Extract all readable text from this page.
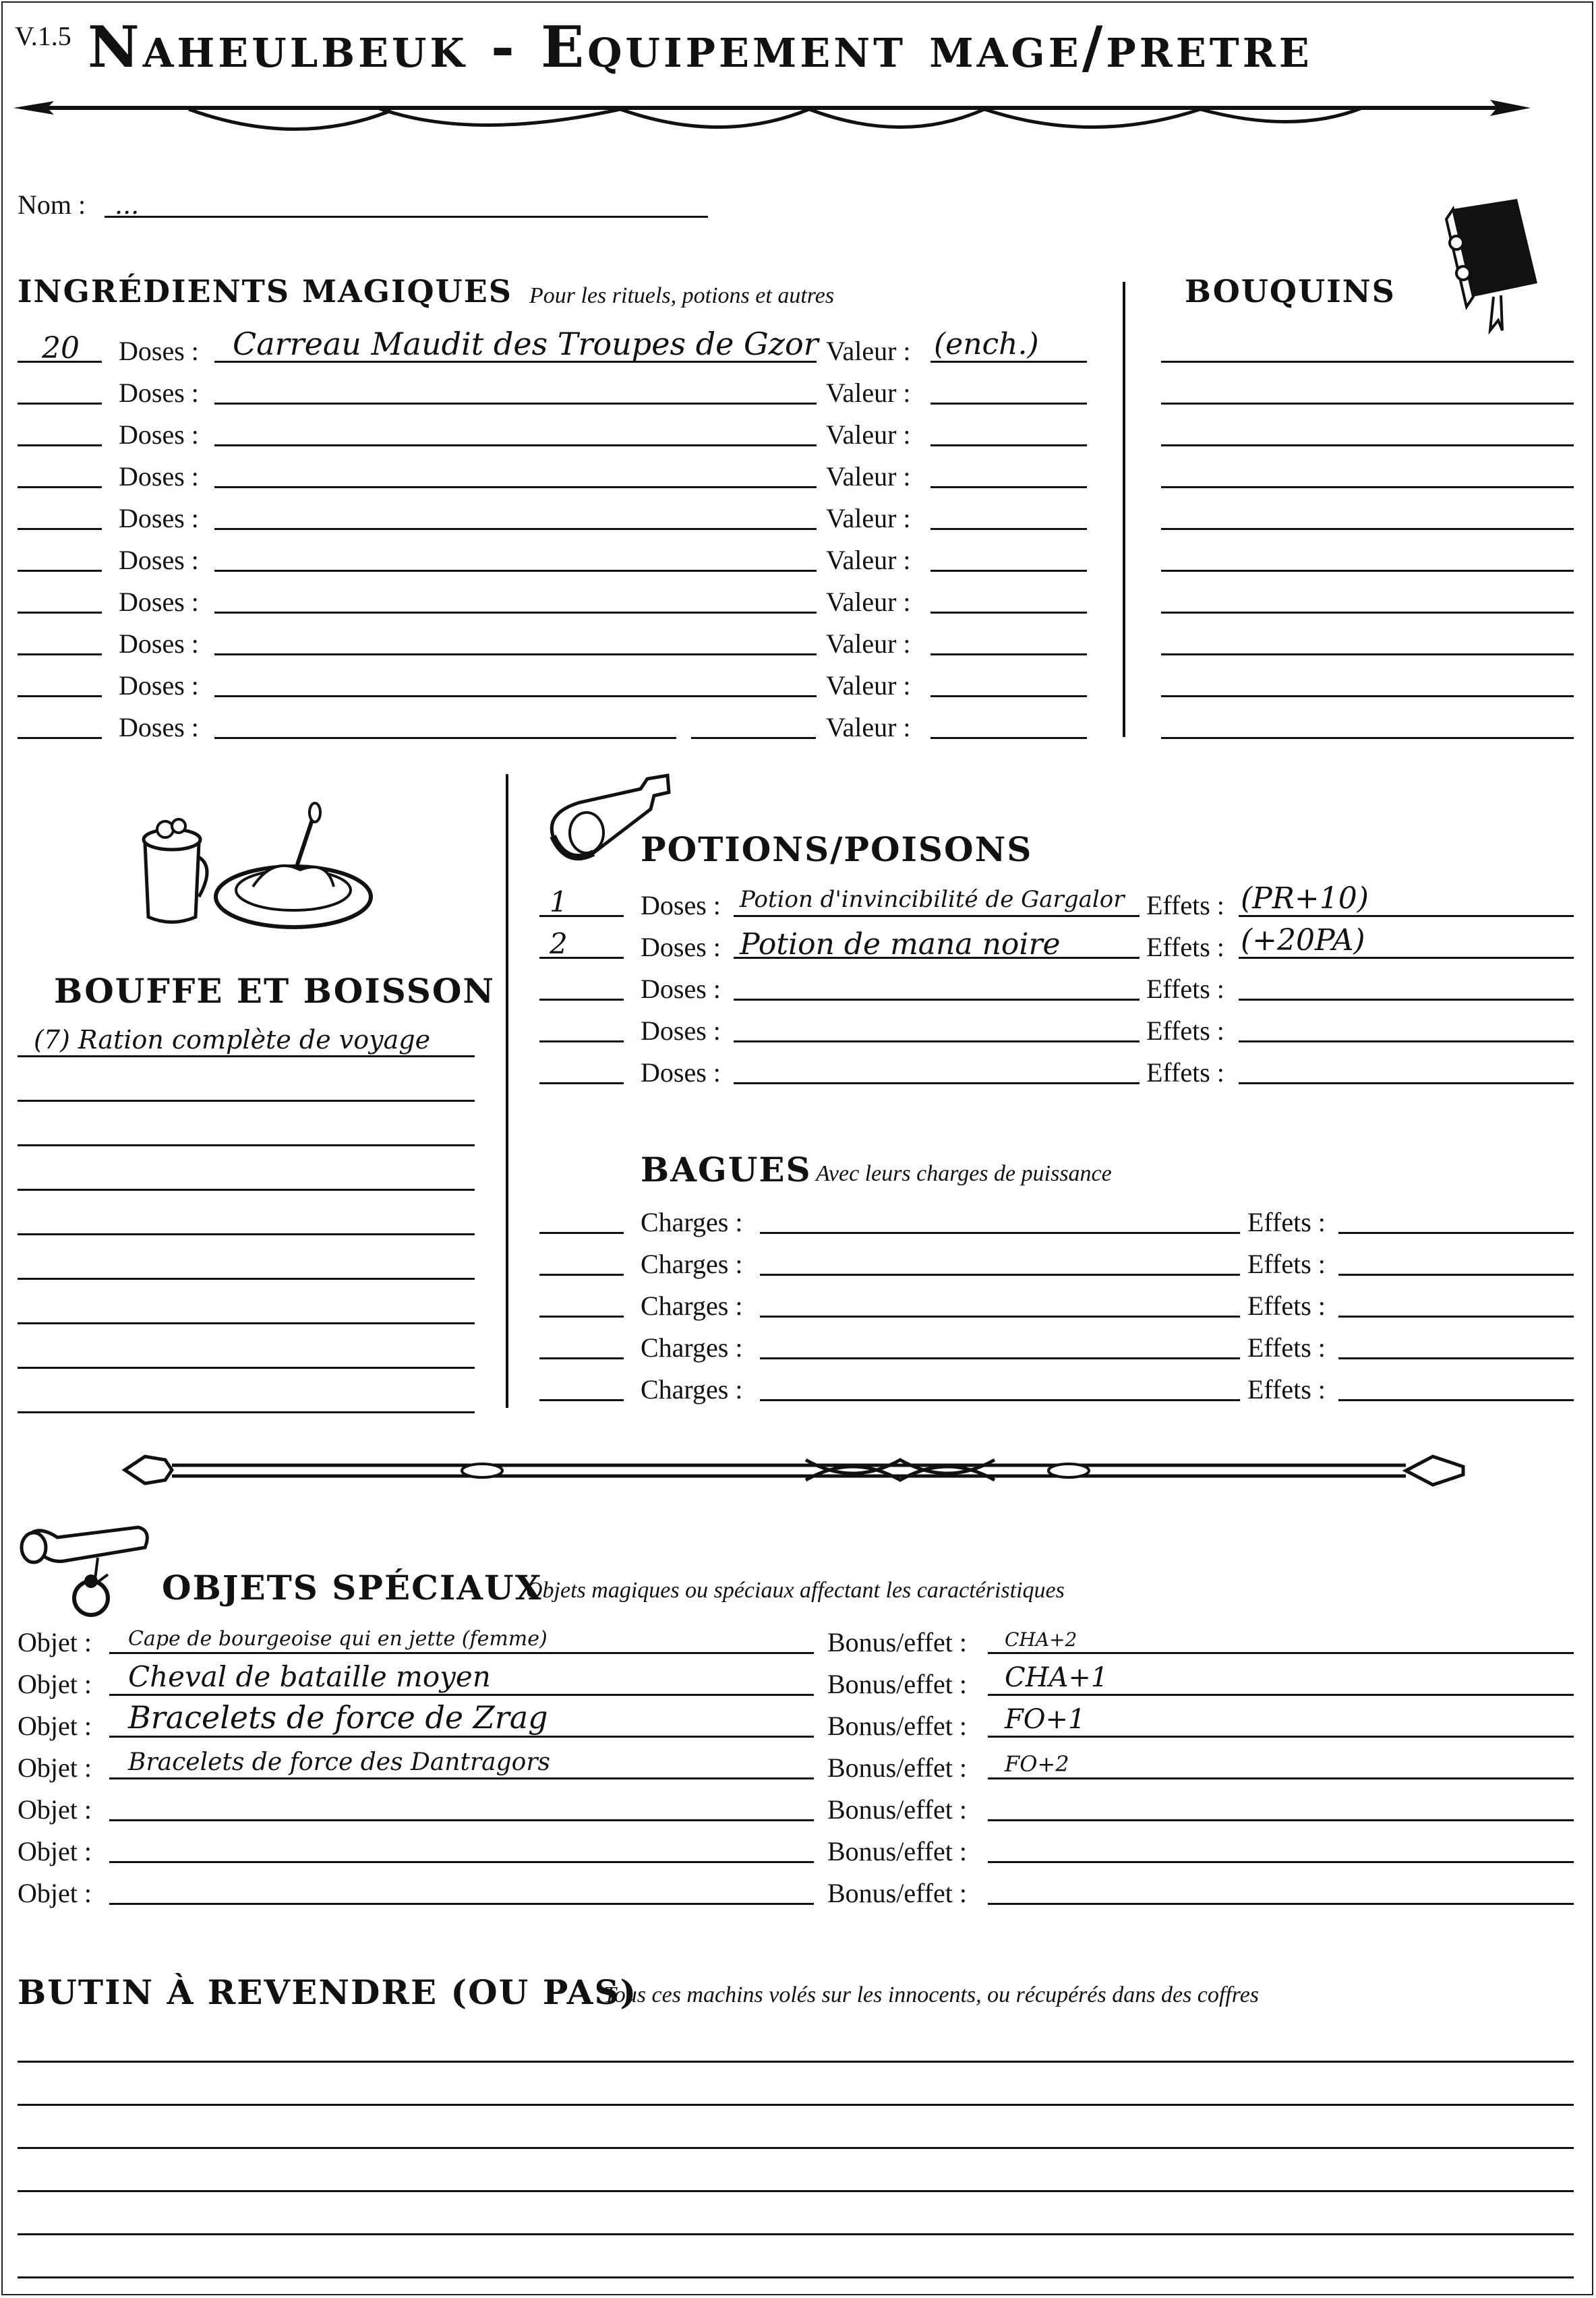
V.1.5 Naheulbeuk - Equipement mage/pretre
Nom : ...
INGRÉDIENTS MAGIQUES Pour les rituels, potions et autres
20 Doses : Carreau Maudit des Troupes de Gzor Valeur : (ench.)
Doses :	Valeur :
Doses :	Valeur :
Doses :	Valeur :
Doses :	Valeur :
Doses :	Valeur :
Doses :	Valeur :
Doses :	Valeur :
Doses :	Valeur :
Doses :	Valeur :
BOUQUINS
BOUFFE ET BOISSON
(7) Ration complète de voyage
POTIONS/POISONS
1	Doses : Potion d'invincibilité de Gargalor Effets : (PR+10)
2	Doses : Potion de mana noire	Effets : (+20PA)
Doses :	Effets :
Doses :	Effets :
Doses :	Effets :
BAGUES Avec leurs charges de puissance
Charges :	Effets :
Charges :	Effets :
Charges :	Effets :
Charges :	Effets :
Charges :	Effets :
OBJETS SPÉCIAUX
Objets magiques ou spéciaux affectant les caractéristiques
Objet : Cape de bourgeoise qui en jette (femme)	Bonus/effet : CHA+2
Objet : Cheval de bataille moyen	Bonus/effet : CHA+1
Objet : Bracelets de force de Zrag	Bonus/effet : FO+1
Objet : Bracelets de force des Dantragors	Bonus/effet : FO+2
Objet :	Bonus/effet :
Objet :	Bonus/effet :
Objet :	Bonus/effet :
BUTIN À REVENDRE (OU PAS)
Tous ces machins volés sur les innocents, ou récupérés dans des coffres
